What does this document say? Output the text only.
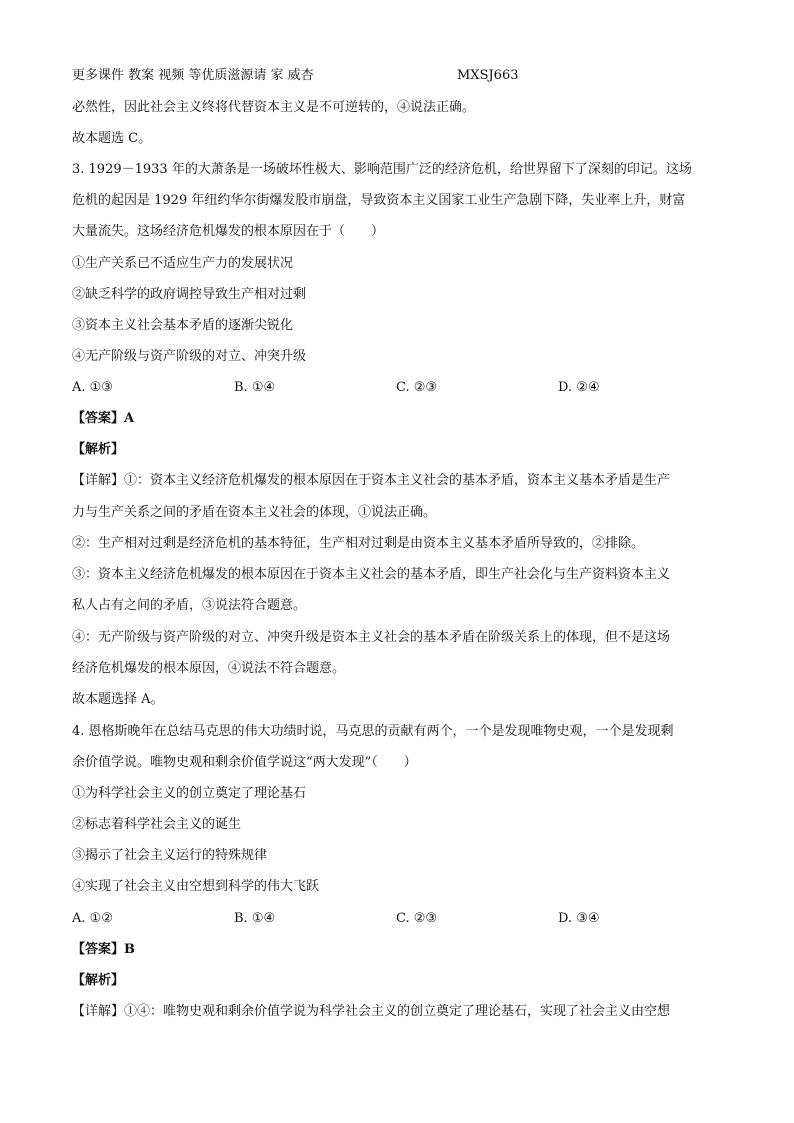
更多课件 教案 视频 等优质滋源请 家 威杏	MXSJ663
必然性，因此社会主义终将代替资本主义是不可逆转的，④说法正确。
故本题选 C。
3. 1929－1933 年的大萧条是一场破坏性极大、影响范围广泛的经济危机，给世界留下了深刻的印记。这场
危机的起因是 1929 年纽约华尔街爆发股市崩盘，导致资本主义国家工业生产急剧下降，失业率上升，财富
大量流失。这场经济危机爆发的根本原因在于（　　）
①生产关系已不适应生产力的发展状况
②缺乏科学的政府调控导致生产相对过剩
③资本主义社会基本矛盾的逐渐尖锐化
④无产阶级与资产阶级的对立、冲突升级
A. ①③	B. ①④	C. ②③	D. ②④
【答案】A
【解析】
【详解】①：资本主义经济危机爆发的根本原因在于资本主义社会的基本矛盾，资本主义基本矛盾是生产
力与生产关系之间的矛盾在资本主义社会的体现，①说法正确。
②：生产相对过剩是经济危机的基本特征，生产相对过剩是由资本主义基本矛盾所导致的，②排除。
③：资本主义经济危机爆发的根本原因在于资本主义社会的基本矛盾，即生产社会化与生产资料资本主义
私人占有之间的矛盾，③说法符合题意。
④：无产阶级与资产阶级的对立、冲突升级是资本主义社会的基本矛盾在阶级关系上的体现，但不是这场
经济危机爆发的根本原因，④说法不符合题意。
故本题选择 A。
4. 恩格斯晚年在总结马克思的伟大功绩时说，马克思的贡献有两个，一个是发现唯物史观，一个是发现剩
余价值学说。唯物史观和剩余价值学说这“两大发现”（　　）
①为科学社会主义的创立奠定了理论基石
②标志着科学社会主义的诞生
③揭示了社会主义运行的特殊规律
④实现了社会主义由空想到科学的伟大飞跃
A. ①②	B. ①④	C. ②③	D. ③④
【答案】B
【解析】
【详解】①④：唯物史观和剩余价值学说为科学社会主义的创立奠定了理论基石，实现了社会主义由空想
